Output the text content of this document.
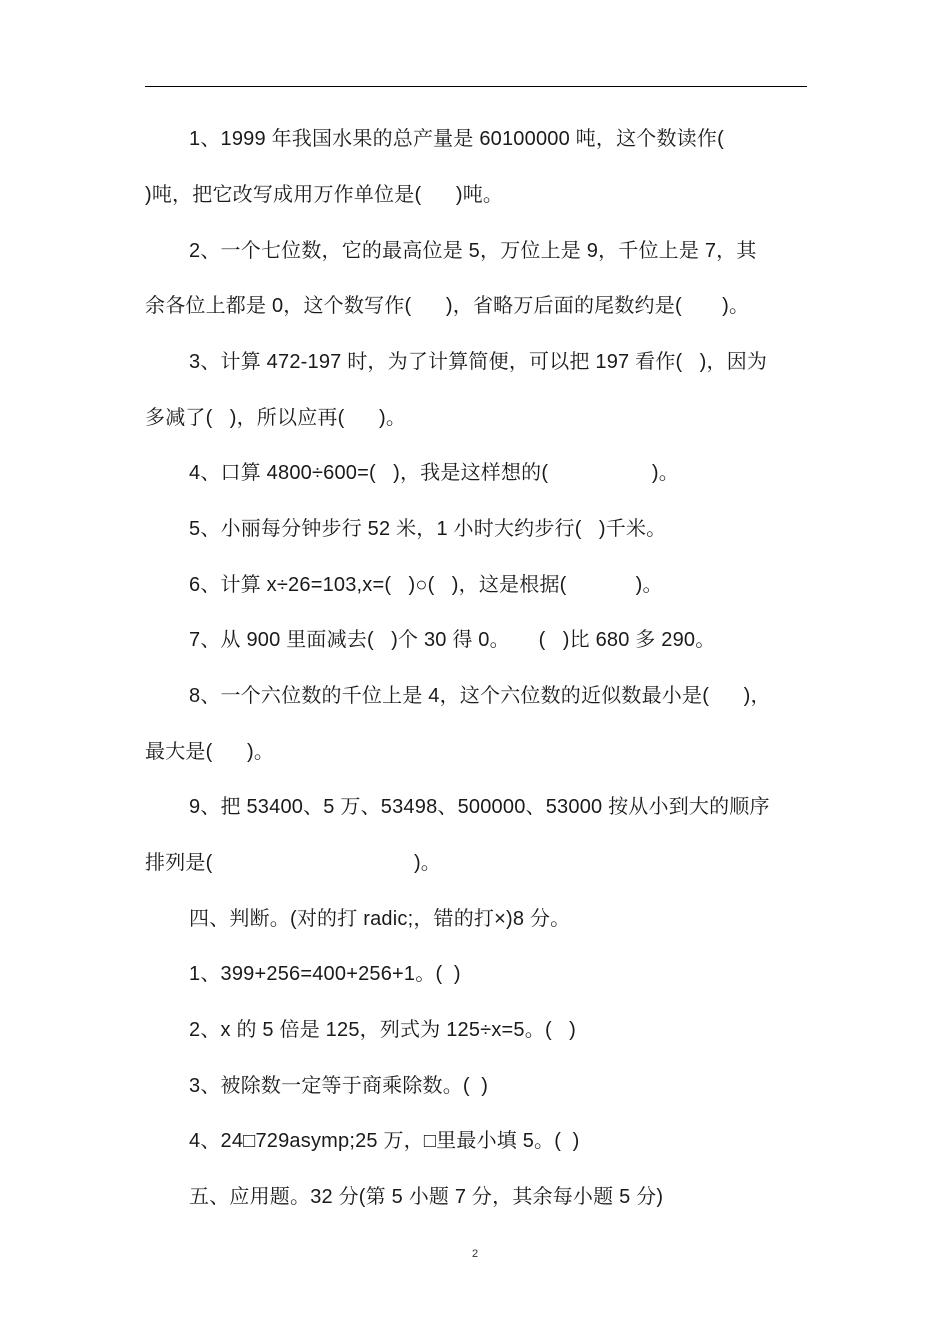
1、1999 年我国水果的总产量是 60100000 吨，这个数读作(
)吨，把它改写成用万作单位是(      )吨。
2、一个七位数，它的最高位是 5，万位上是 9，千位上是 7，其
余各位上都是 0，这个数写作(      )，省略万后面的尾数约是(       )。
3、计算 472-197 时，为了计算简便，可以把 197 看作(   )，因为
多减了(   )，所以应再(      )。
4、口算 4800÷600=(   )，我是这样想的(                  )。
5、小丽每分钟步行 52 米，1 小时大约步行(   )千米。
6、计算 x÷26=103,x=(   )○(   )，这是根据(            )。
7、从 900 里面减去(   )个 30 得 0。     (   )比 680 多 290。
8、一个六位数的千位上是 4，这个六位数的近似数最小是(      )，
最大是(      )。
9、把 53400、5 万、53498、500000、53000 按从小到大的顺序
排列是(                                   )。
四、判断。(对的打 radic;，错的打×)8 分。
1、399+256=400+256+1。(  )
2、x 的 5 倍是 125，列式为 125÷x=5。(   )
3、被除数一定等于商乘除数。(  )
4、24□729asymp;25 万，□里最小填 5。(  )
五、应用题。32 分(第 5 小题 7 分，其余每小题 5 分)
2
